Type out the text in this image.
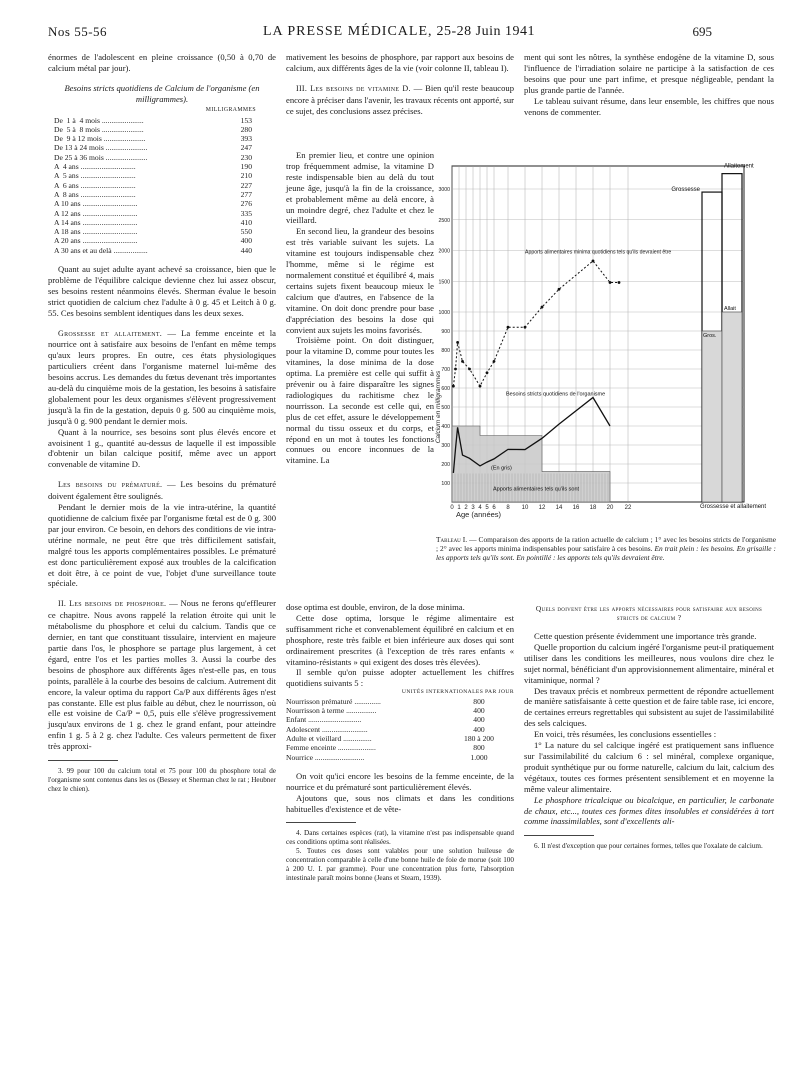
Nos 55-56	LA PRESSE MÉDICALE, 25-28 Juin 1941	695

énormes de l'adolescent en pleine croissance (0,50 à 0,70 de calcium métal par jour).

Besoins stricts quotidiens de Calcium de l'organisme (en milligrammes).

MILLIGRAMMES
De  1 à  4 mois ......................	153
De  5 à  8 mois ......................	280
De  9 à 12 mois ......................	393
De 13 à 24 mois ......................	247
De 25 à 36 mois ......................	230
A  4 ans .............................	190
A  5 ans .............................	210
A  6 ans .............................	227
A  8 ans .............................	277
A 10 ans .............................	276
A 12 ans .............................	335
A 14 ans .............................	410
A 18 ans .............................	550
A 20 ans .............................	400
A 30 ans et au delà ..................	440

Quant au sujet adulte ayant achevé sa croissance, bien que le problème de l'équilibre calcique devienne chez lui assez obscur, ses besoins restent néanmoins élevés. Sherman évalue le besoin strict quotidien de calcium chez l'adulte à 0 g. 45 et Leitch à 0 g. 55. Ces besoins semblent identiques dans les deux sexes.

Grossesse et allaitement. — La femme enceinte et la nourrice ont à satisfaire aux besoins de l'enfant en même temps qu'aux leurs propres. En outre, ces états physiologiques particuliers créent dans l'organisme maternel lui-même des besoins accrus. Les demandes du fœtus devenant très importantes au-delà du cinquième mois de la gestation, les besoins à satisfaire globalement pour les deux organismes s'élèvent progressivement jusqu'à la fin de la gestation, depuis 0 g. 500 au cinquième mois, jusqu'à 0 g. 900 pendant le dernier mois.

Quant à la nourrice, ses besoins sont plus élevés encore et avoisinent 1 g., quantité au-dessus de laquelle il est impossible d'obtenir un bilan calcique positif, même avec un apport convenable de vitamine D.

Les besoins du prématuré. — Les besoins du prématuré doivent également être soulignés.

Pendant le dernier mois de la vie intra-utérine, la quantité quotidienne de calcium fixée par l'organisme fœtal est de 0 g. 300 par jour environ. Ce besoin, en dehors des conditions de vie intra-utérine normale, ne peut être que très difficilement satisfait, malgré tous les apports complémentaires possibles. Le prématuré est donc particulièrement exposé aux troubles de la calcification et doit être, à ce point de vue, l'objet d'une surveillance toute spéciale.

II. Les besoins de phosphore. — Nous ne ferons qu'effleurer ce chapitre. Nous avons rappelé la relation étroite qui unit le métabolisme du phosphore et celui du calcium. Tandis que ce dernier, en tant que constituant tissulaire, intervient en majeure partie dans l'os, le phosphore se partage plus largement, à cet égard, entre l'os et les parties molles 3. Aussi la courbe des besoins de phosphore aux différents âges n'est-elle pas, en tous points, parallèle à la courbe des besoins de calcium. Autrement dit encore, la valeur optima du rapport Ca/P aux différents âges n'est pas constante. Elle est plus faible au début, chez le nourrisson, où elle est voisine de Ca/P = 0,5, puis elle s'élève progressivement jusqu'aux environs de 1 g. chez le grand enfant, pour atteindre enfin 1 g. 5 à 2 g. chez l'adulte. Ces valeurs permettent de fixer très approxi-

3. 99 pour 100 du calcium total et 75 pour 100 du phosphore total de l'organisme sont contenus dans les os (Bessey et Sherman chez le rat ; Heubner chez le chien).

mativement les besoins de phosphore, par rapport aux besoins de calcium, aux différents âges de la vie (voir colonne II, tableau I).

III. Les besoins de vitamine D. — Bien qu'il reste beaucoup encore à préciser dans l'avenir, les travaux récents ont apporté, sur ce sujet, des conclusions assez précises.

En premier lieu, et contre une opinion trop fréquemment admise, la vitamine D reste indispensable bien au delà du tout jeune âge, jusqu'à la fin de la croissance, et probablement même au delà encore, à un moindre degré, chez l'adulte et chez le vieillard.

En second lieu, la grandeur des besoins est très variable suivant les sujets. La vitamine est toujours indispensable chez l'homme, même si le régime est normalement constitué et équilibré 4, mais certains sujets fixent beaucoup mieux le calcium que d'autres, en l'absence de la vitamine. On doit donc prendre pour base d'appréciation des besoins la dose qui convient aux sujets les moins favorisés.

Troisième point. On doit distinguer, pour la vitamine D, comme pour toutes les vitamines, la dose minima de la dose optima. La première est celle qui suffit à prévenir ou à faire disparaître les signes radiologiques du rachitisme chez le nourrisson. La seconde est celle qui, en plus de cet effet, assure le développement normal du tissu osseux et du corps, et répond en un mot à toutes les fonctions connues ou encore inconnues de la vitamine. La

dose optima est double, environ, de la dose minima.

Cette dose optima, lorsque le régime alimentaire est suffisamment riche et convenablement équilibré en calcium et en phosphore, reste très faible et bien inférieure aux doses qui sont ordinairement prescrites (à l'exception de très rares enfants « vitamino-résistants » qui exigent des doses très élevées).

Il semble qu'on puisse adopter actuellement les chiffres quotidiens suivants 5 :

UNITÉS INTERNATIONALES PAR JOUR
Nourrisson prématuré ..............	800
Nourrisson à terme ................	400
Enfant ............................	400
Adolescent ........................	400
Adulte et vieillard ...............	180 à 200
Femme enceinte ....................	800
Nourrice ..........................	1.000

On voit qu'ici encore les besoins de la femme enceinte, de la nourrice et du prématuré sont particulièrement élevés.

Ajoutons que, sous nos climats et dans les conditions habituelles d'existence et de vête-

4. Dans certaines espèces (rat), la vitamine n'est pas indispensable quand ces conditions optima sont réalisées.

5. Toutes ces doses sont valables pour une solution huileuse de concentration comparable à celle d'une bonne huile de foie de morue (soit 100 à 200 U. I. par gramme). Pour une concentration plus forte, l'absorption intestinale paraît moins bonne (Jeans et Stearn, 1939).

ment qui sont les nôtres, la synthèse endogène de la vitamine D, sous l'influence de l'irradiation solaire ne participe à la satisfaction de ces besoins que pour une part infime, et presque négligeable, pendant la plus grande partie de l'année.

Le tableau suivant résume, dans leur ensemble, les chiffres que nous venons de commenter.

100
200
300
400
500
600
700
800
900
1000
1500
2000
2500
3000
0 1 2 3 4 5 6 8 10 12 14 16 18 20 22
Age (années)
Calcium en milligrammes
Allaitement
Grossesse
Allait
Gros.
Grossesse et allaitement
(En gris)
Apports alimentaires minima quotidiens tels qu'ils devraient être
Besoins stricts quotidiens de l'organisme
Apports alimentaires tels qu'ils sont
Tableau I. — Comparaison des apports de la ration actuelle de calcium ; 1° avec les besoins stricts de l'organisme ; 2° avec les apports minima indispensables pour satisfaire à ces besoins. En trait plein : les besoins. En grisaille : les apports tels qu'ils sont. En pointillé : les apports tels qu'ils devraient être.

Quels doivent être les apports nécessaires pour satisfaire aux besoins stricts de calcium ?

Cette question présente évidemment une importance très grande.

Quelle proportion du calcium ingéré l'organisme peut-il pratiquement utiliser dans les conditions les meilleures, nous voulons dire chez le sujet normal, bénéficiant d'un approvisionnement alimentaire, minéral et vitaminique, normal ?

Des travaux précis et nombreux permettent de répondre actuellement de manière satisfaisante à cette question et de faire table rase, ici encore, de certaines erreurs regrettables qui subsistent au sujet de l'assimilabilité des sels calciques.

En voici, très résumées, les conclusions essentielles :

1° La nature du sel calcique ingéré est pratiquement sans influence sur l'assimilabilité du calcium 6 : sel minéral, complexe organique, produit synthétique pur ou forme naturelle, calcium du lait, calcium des végétaux, toutes ces formes présentent sensiblement et en moyenne la même valeur alimentaire.

Le phosphore tricalcique ou bicalcique, en particulier, le carbonate de chaux, etc..., toutes ces formes dites insolubles et considérées à tort comme inassimilables, sont d'excellents ali-

6. Il n'est d'exception que pour certaines formes, telles que l'oxalate de calcium.
